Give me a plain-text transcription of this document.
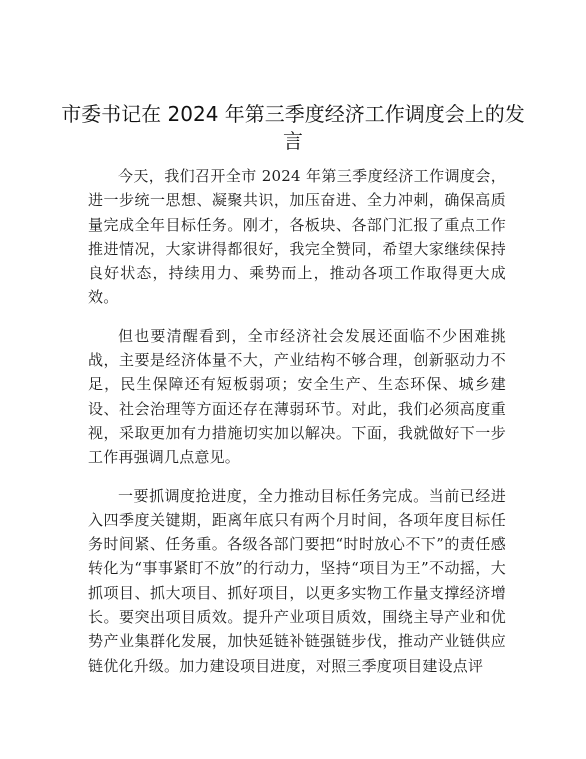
市委书记在 2024 年第三季度经济工作调度会上的发言

今天，我们召开全市 2024 年第三季度经济工作调度会，进一步统一思想、凝聚共识，加压奋进、全力冲刺，确保高质量完成全年目标任务。刚才，各板块、各部门汇报了重点工作推进情况，大家讲得都很好，我完全赞同，希望大家继续保持良好状态，持续用力、乘势而上，推动各项工作取得更大成效。

但也要清醒看到，全市经济社会发展还面临不少困难挑战，主要是经济体量不大，产业结构不够合理，创新驱动力不足，民生保障还有短板弱项；安全生产、生态环保、城乡建设、社会治理等方面还存在薄弱环节。对此，我们必须高度重视，采取更加有力措施切实加以解决。下面，我就做好下一步工作再强调几点意见。

一要抓调度抢进度，全力推动目标任务完成。当前已经进入四季度关键期，距离年底只有两个月时间，各项年度目标任务时间紧、任务重。各级各部门要把“时时放心不下”的责任感转化为“事事紧盯不放”的行动力，坚持“项目为王”不动摇，大抓项目、抓大项目、抓好项目，以更多实物工作量支撑经济增长。要突出项目质效。提升产业项目质效，围绕主导产业和优势产业集群化发展，加快延链补链强链步伐，推动产业链供应链优化升级。加力建设项目进度，对照三季度项目建设点评
